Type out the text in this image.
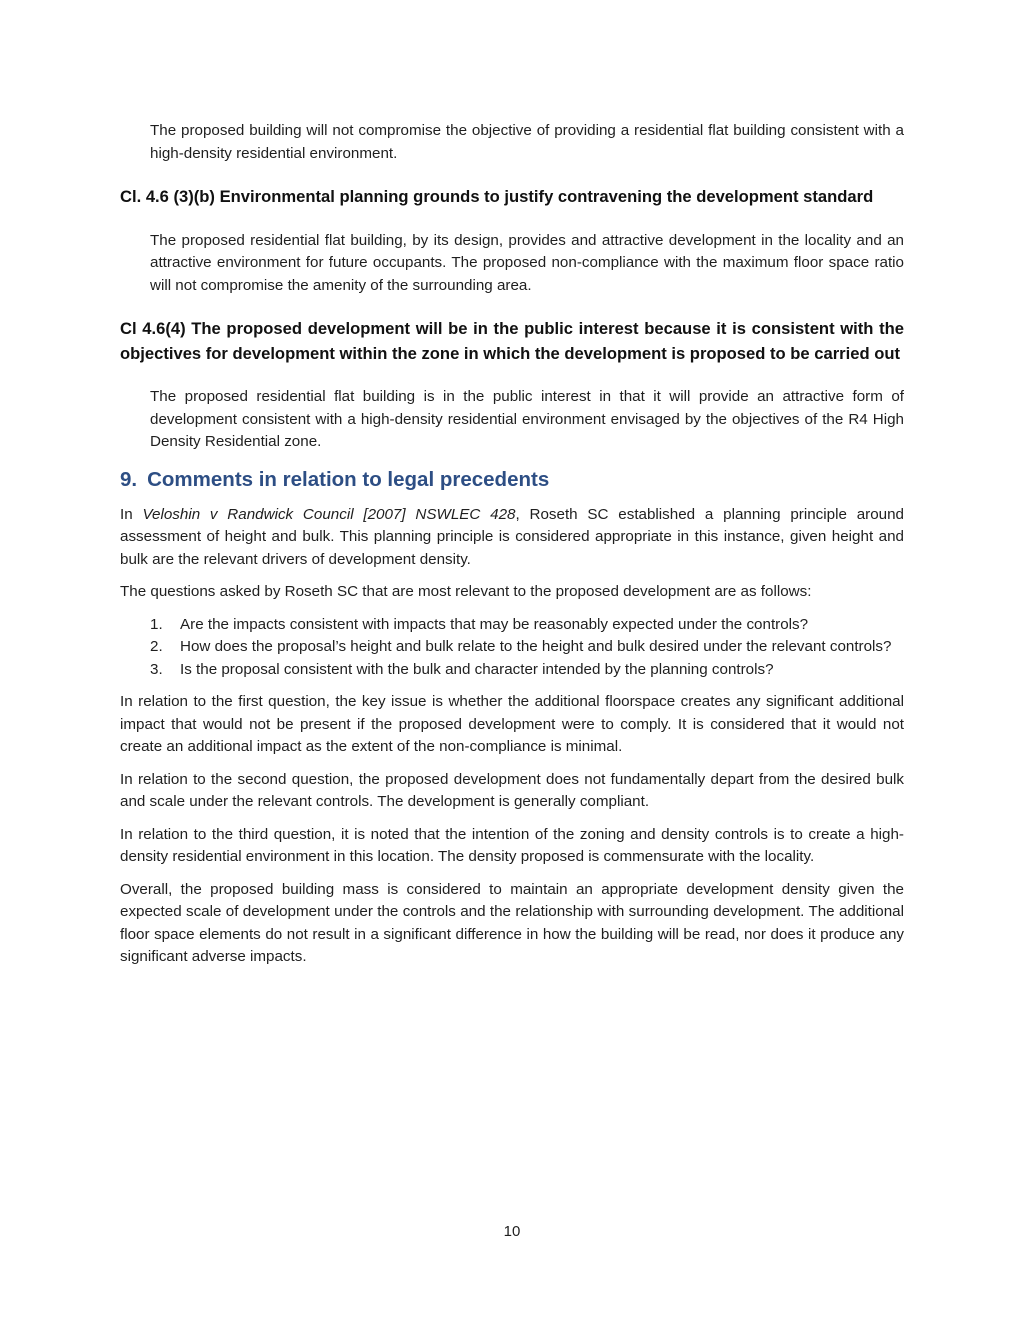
The proposed building will not compromise the objective of providing a residential flat building consistent with a high-density residential environment.

Cl. 4.6 (3)(b) Environmental planning grounds to justify contravening the development standard

The proposed residential flat building, by its design, provides and attractive development in the locality and an attractive environment for future occupants. The proposed non-compliance with the maximum floor space ratio will not compromise the amenity of the surrounding area.

Cl 4.6(4) The proposed development will be in the public interest because it is consistent with the objectives for development within the zone in which the development is proposed to be carried out

The proposed residential flat building is in the public interest in that it will provide an attractive form of development consistent with a high-density residential environment envisaged by the objectives of the R4 High Density Residential zone.

9. Comments in relation to legal precedents

In Veloshin v Randwick Council [2007] NSWLEC 428, Roseth SC established a planning principle around assessment of height and bulk. This planning principle is considered appropriate in this instance, given height and bulk are the relevant drivers of development density.

The questions asked by Roseth SC that are most relevant to the proposed development are as follows:

1.	Are the impacts consistent with impacts that may be reasonably expected under the controls?
2.	How does the proposal’s height and bulk relate to the height and bulk desired under the relevant controls?
3.	Is the proposal consistent with the bulk and character intended by the planning controls?

In relation to the first question, the key issue is whether the additional floorspace creates any significant additional impact that would not be present if the proposed development were to comply. It is considered that it would not create an additional impact as the extent of the non-compliance is minimal.

In relation to the second question, the proposed development does not fundamentally depart from the desired bulk and scale under the relevant controls. The development is generally compliant.

In relation to the third question, it is noted that the intention of the zoning and density controls is to create a high-density residential environment in this location. The density proposed is commensurate with the locality.

Overall, the proposed building mass is considered to maintain an appropriate development density given the expected scale of development under the controls and the relationship with surrounding development. The additional floor space elements do not result in a significant difference in how the building will be read, nor does it produce any significant adverse impacts.

10
